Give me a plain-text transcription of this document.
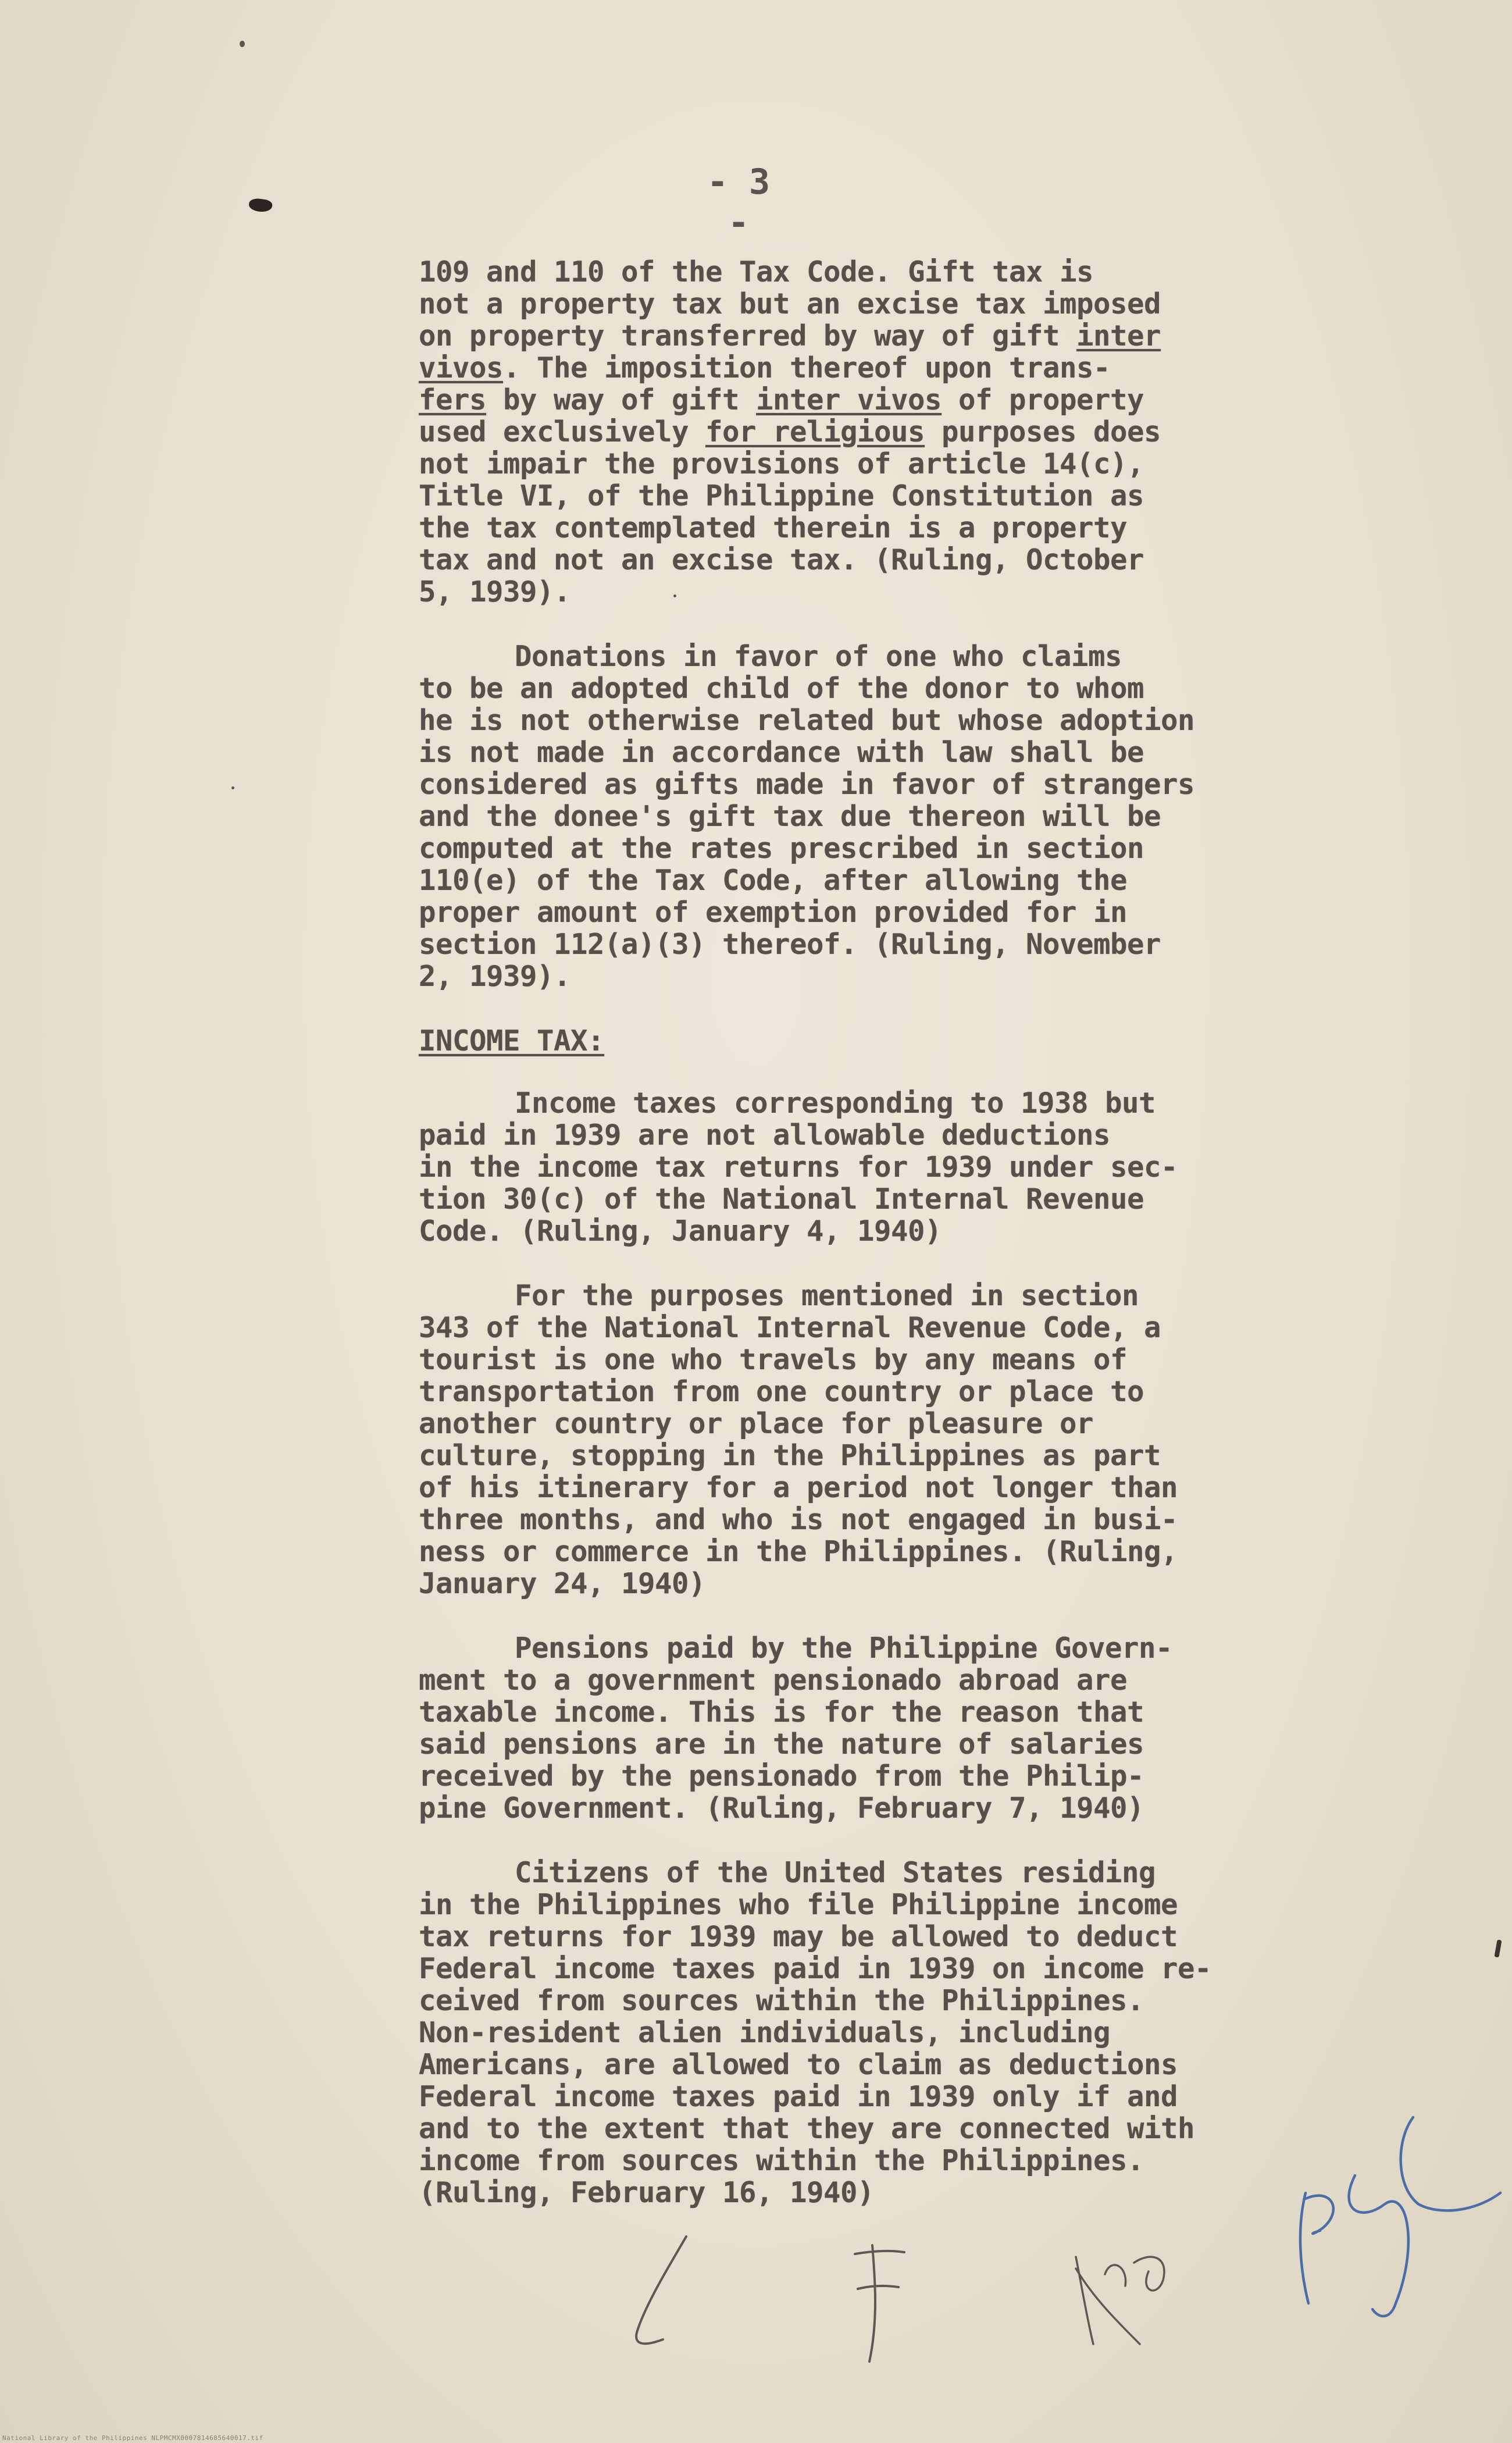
- 3 -

109 and 110 of the Tax Code. Gift tax is
not a property tax but an excise tax imposed
on property transferred by way of gift inter
vivos. The imposition thereof upon trans-
fers by way of gift inter vivos of property
used exclusively for religious purposes does
not impair the provisions of article 14(c),
Title VI, of the Philippine Constitution as
the tax contemplated therein is a property
tax and not an excise tax. (Ruling, October
5, 1939).

Donations in favor of one who claims
to be an adopted child of the donor to whom
he is not otherwise related but whose adoption
is not made in accordance with law shall be
considered as gifts made in favor of strangers
and the donee's gift tax due thereon will be
computed at the rates prescribed in section
110(e) of the Tax Code, after allowing the
proper amount of exemption provided for in
section 112(a)(3) thereof. (Ruling, November
2, 1939).

INCOME TAX:

Income taxes corresponding to 1938 but
paid in 1939 are not allowable deductions
in the income tax returns for 1939 under sec-
tion 30(c) of the National Internal Revenue
Code. (Ruling, January 4, 1940)

For the purposes mentioned in section
343 of the National Internal Revenue Code, a
tourist is one who travels by any means of
transportation from one country or place to
another country or place for pleasure or
culture, stopping in the Philippines as part
of his itinerary for a period not longer than
three months, and who is not engaged in busi-
ness or commerce in the Philippines. (Ruling,
January 24, 1940)

Pensions paid by the Philippine Govern-
ment to a government pensionado abroad are
taxable income. This is for the reason that
said pensions are in the nature of salaries
received by the pensionado from the Philip-
pine Government. (Ruling, February 7, 1940)

Citizens of the United States residing
in the Philippines who file Philippine income
tax returns for 1939 may be allowed to deduct
Federal income taxes paid in 1939 on income re-
ceived from sources within the Philippines.
Non-resident alien individuals, including
Americans, are allowed to claim as deductions
Federal income taxes paid in 1939 only if and
and to the extent that they are connected with
income from sources within the Philippines.
(Ruling, February 16, 1940)

National Library of the Philippines NLPMCMX0007814685640017.tif
